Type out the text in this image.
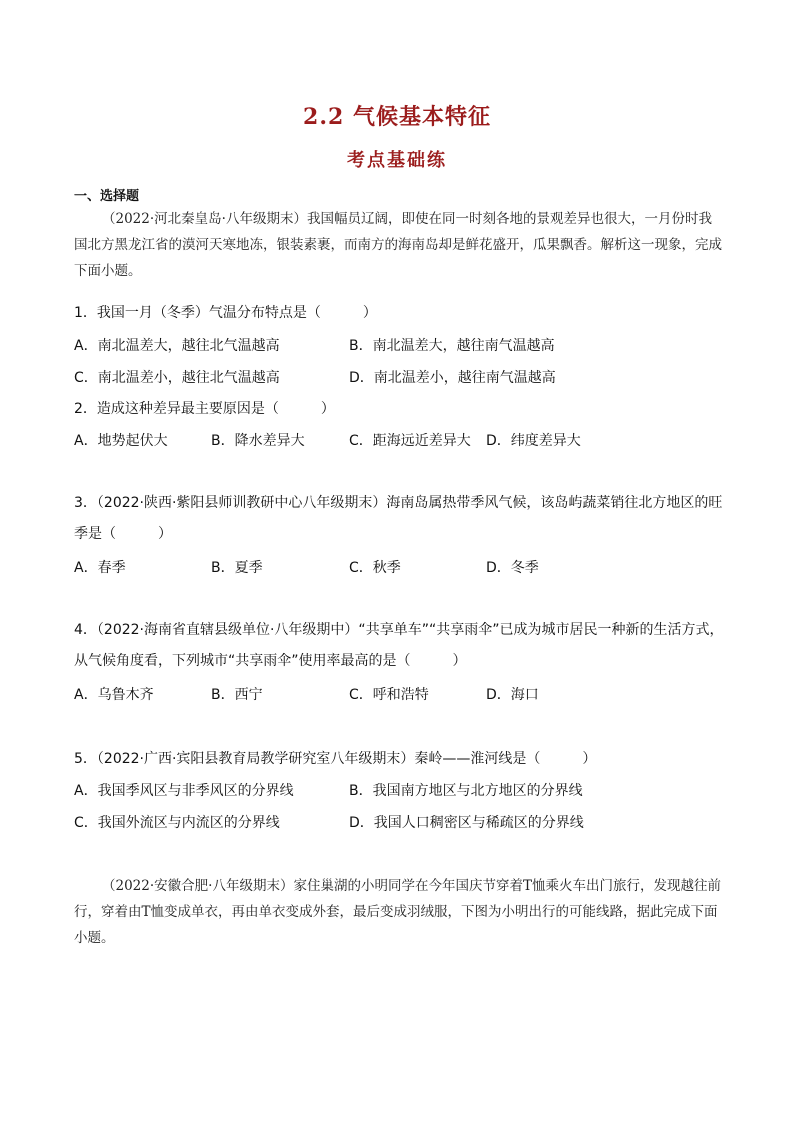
2.2 气候基本特征
考点基础练
一、选择题
（2022·河北秦皇岛·八年级期末）我国幅员辽阔，即使在同一时刻各地的景观差异也很大，一月份时我国北方黑龙江省的漠河天寒地冻，银装素裹，而南方的海南岛却是鲜花盛开，瓜果飘香。解析这一现象，完成下面小题。
1．我国一月（冬季）气温分布特点是（　　　）
A．南北温差大，越往北气温越高	B．南北温差大，越往南气温越高
C．南北温差小，越往北气温越高	D．南北温差小，越往南气温越高
2．造成这种差异最主要原因是（　　　）
A．地势起伏大	B．降水差异大	C．距海远近差异大 D．纬度差异大
3．（2022·陕西·紫阳县师训教研中心八年级期末）海南岛属热带季风气候，该岛屿蔬菜销往北方地区的旺季是（　　　）
A．春季	B．夏季	C．秋季	D．冬季
4．（2022·海南省直辖县级单位·八年级期中）“共享单车”“共享雨伞”已成为城市居民一种新的生活方式，从气候角度看，下列城市“共享雨伞”使用率最高的是（　　　）
A．乌鲁木齐	B．西宁	C．呼和浩特	D．海口
5．（2022·广西·宾阳县教育局教学研究室八年级期末）秦岭——淮河线是（　　　）
A．我国季风区与非季风区的分界线	B．我国南方地区与北方地区的分界线
C．我国外流区与内流区的分界线	D．我国人口稠密区与稀疏区的分界线
（2022·安徽合肥·八年级期末）家住巢湖的小明同学在今年国庆节穿着T恤乘火车出门旅行，发现越往前行，穿着由T恤变成单衣，再由单衣变成外套，最后变成羽绒服，下图为小明出行的可能线路，据此完成下面小题。
